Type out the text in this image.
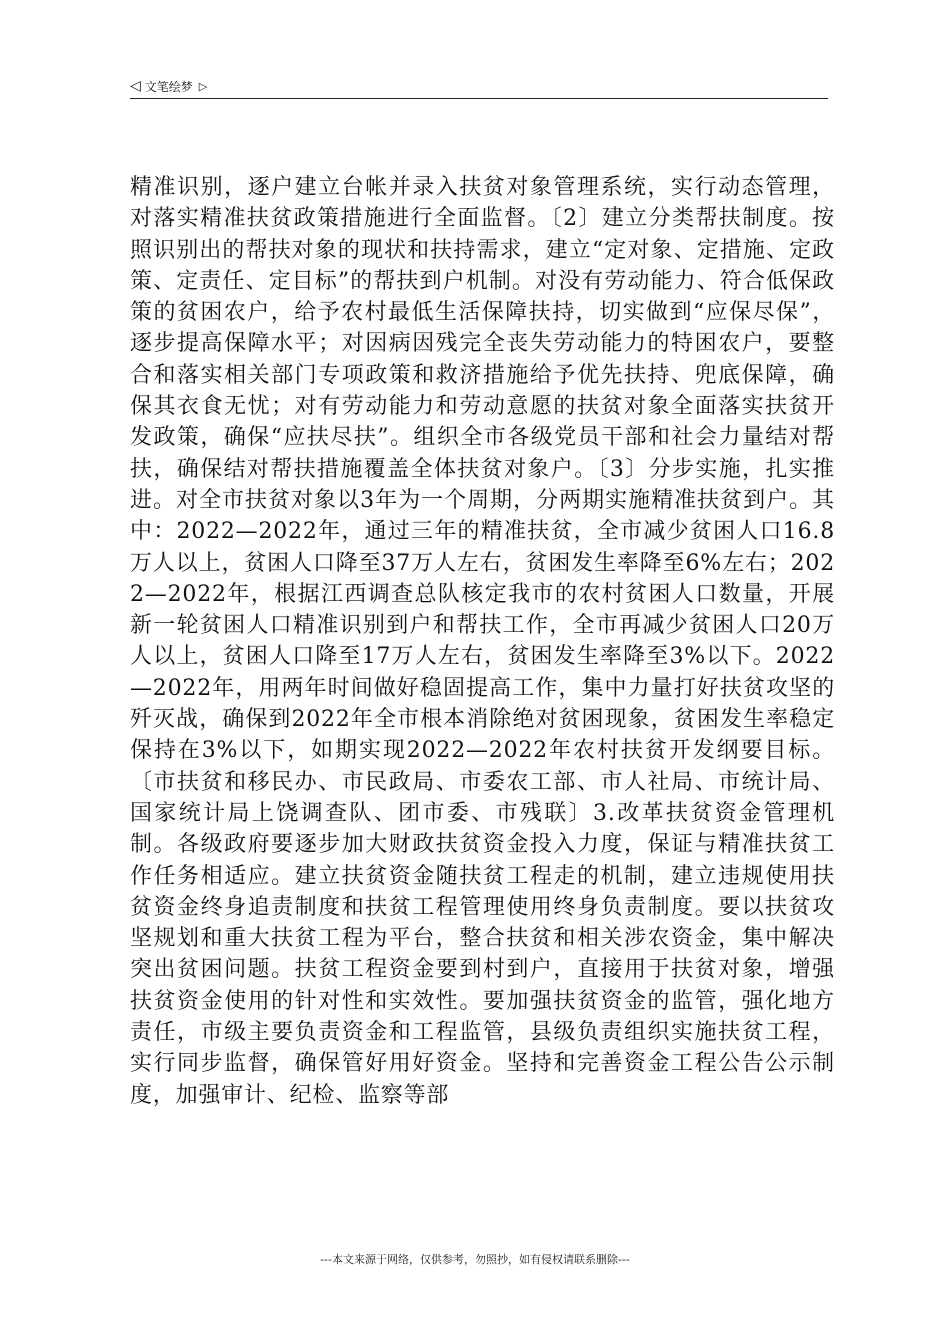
◁ 文笔绘梦 ▷

精准识别，逐户建立台帐并录入扶贫对象管理系统，实行动态管理，对落实精准扶贫政策措施进行全面监督。〔2〕建立分类帮扶制度。按照识别出的帮扶对象的现状和扶持需求，建立“定对象、定措施、定政策、定责任、定目标”的帮扶到户机制。对没有劳动能力、符合低保政策的贫困农户，给予农村最低生活保障扶持，切实做到“应保尽保”，逐步提高保障水平；对因病因残完全丧失劳动能力的特困农户，要整合和落实相关部门专项政策和救济措施给予优先扶持、兜底保障，确保其衣食无忧；对有劳动能力和劳动意愿的扶贫对象全面落实扶贫开发政策，确保“应扶尽扶”。组织全市各级党员干部和社会力量结对帮扶，确保结对帮扶措施覆盖全体扶贫对象户。〔3〕分步实施，扎实推进。对全市扶贫对象以3年为一个周期，分两期实施精准扶贫到户。其中：2022—2022年，通过三年的精准扶贫，全市减少贫困人口16.8万人以上，贫困人口降至37万人左右，贫困发生率降至6%左右；2022—2022年，根据江西调查总队核定我市的农村贫困人口数量，开展新一轮贫困人口精准识别到户和帮扶工作，全市再减少贫困人口20万人以上，贫困人口降至17万人左右，贫困发生率降至3%以下。2022—2022年，用两年时间做好稳固提高工作，集中力量打好扶贫攻坚的歼灭战，确保到2022年全市根本消除绝对贫困现象，贫困发生率稳定保持在3%以下，如期实现2022—2022年农村扶贫开发纲要目标。〔市扶贫和移民办、市民政局、市委农工部、市人社局、市统计局、国家统计局上饶调查队、团市委、市残联〕3.改革扶贫资金管理机制。各级政府要逐步加大财政扶贫资金投入力度，保证与精准扶贫工作任务相适应。建立扶贫资金随扶贫工程走的机制，建立违规使用扶贫资金终身追责制度和扶贫工程管理使用终身负责制度。要以扶贫攻坚规划和重大扶贫工程为平台，整合扶贫和相关涉农资金，集中解决突出贫困问题。扶贫工程资金要到村到户，直接用于扶贫对象，增强扶贫资金使用的针对性和实效性。要加强扶贫资金的监管，强化地方责任，市级主要负责资金和工程监管，县级负责组织实施扶贫工程，实行同步监督，确保管好用好资金。坚持和完善资金工程公告公示制度，加强审计、纪检、监察等部

---本文来源于网络，仅供参考，勿照抄，如有侵权请联系删除---
